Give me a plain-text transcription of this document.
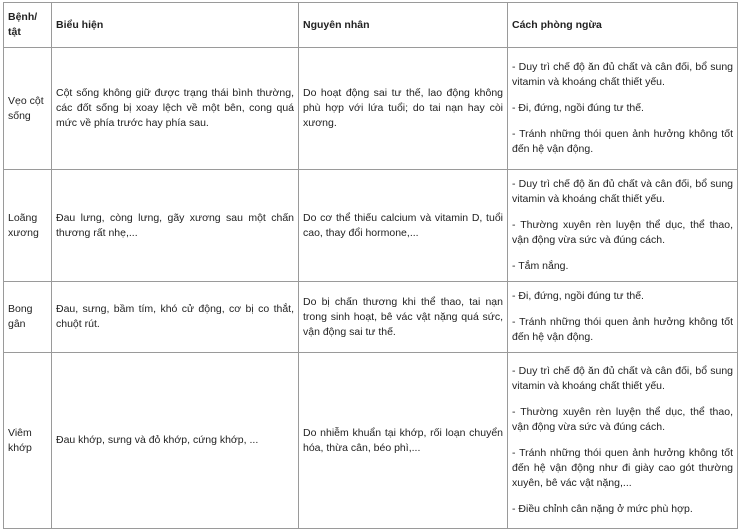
Bệnh/ tật	Biểu hiện	Nguyên nhân	Cách phòng ngừa
Vẹo cột sống	Cột sống không giữ được trạng thái bình thường, các đốt sống bị xoay lệch về một bên, cong quá mức về phía trước hay phía sau.	Do hoạt động sai tư thế, lao động không phù hợp với lứa tuổi; do tai nạn hay còi xương.	- Duy trì chế độ ăn đủ chất và cân đối, bổ sung vitamin và khoáng chất thiết yếu.

- Đi, đứng, ngồi đúng tư thế.

- Tránh những thói quen ảnh hưởng không tốt đến hệ vận động.

Loãng xương	Đau lưng, còng lưng, gãy xương sau một chấn thương rất nhẹ,...	Do cơ thể thiếu calcium và vitamin D, tuổi cao, thay đổi hormone,...	- Duy trì chế độ ăn đủ chất và cân đối, bổ sung vitamin và khoáng chất thiết yếu.

- Thường xuyên rèn luyện thể dục, thể thao, vận động vừa sức và đúng cách.

- Tắm nắng.

Bong gân	Đau, sưng, bầm tím, khó cử động, cơ bị co thắt, chuột rút.	Do bị chấn thương khi thể thao, tai nạn trong sinh hoạt, bê vác vật nặng quá sức, vận động sai tư thế.	- Đi, đứng, ngồi đúng tư thế.

- Tránh những thói quen ảnh hưởng không tốt đến hệ vận động.

Viêm khớp	Đau khớp, sưng và đỏ khớp, cứng khớp, ...	Do nhiễm khuẩn tại khớp, rối loạn chuyển hóa, thừa cân, béo phì,...	- Duy trì chế độ ăn đủ chất và cân đối, bổ sung vitamin và khoáng chất thiết yếu.

- Thường xuyên rèn luyện thể dục, thể thao, vận động vừa sức và đúng cách.

- Tránh những thói quen ảnh hưởng không tốt đến hệ vận động như đi giày cao gót thường xuyên, bê vác vật nặng,...

- Điều chỉnh cân nặng ở mức phù hợp.
